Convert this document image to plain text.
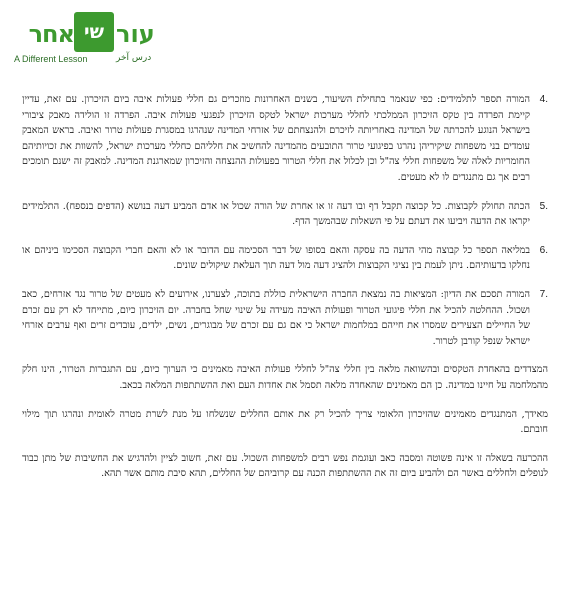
אחר שי עור
A Different Lesson	درس آخر
4.
המורה תספר לתלמידים: כפי שנאמר בתחילת השיעור, בשנים האחרונות מוזכרים גם חללי פעולות איבה ביום הזיכרון. עם זאת, עדיין קיימת הפרדה בין טקס הזיכרון הממלכתי לחללי מערכות ישראל לטקס הזיכרון לנפגעי פעולות איבה. הפרדה זו הולידה מאבק ציבורי בישראל הנוגע להכרתה של המדינה באחריותה לזיכרם ולהנצחתם של אזרחי המדינה שנהרגו במסגרת פעולות טרור ואיבה. בראש המאבק עומדים בני משפחות שיקיריהן נהרגו בפיגועי טרור התובעים מהמדינה להחשיב את חלליהם כחללי מערכות ישראל, להשוות את זכויותיהם החומריות לאלה של משפחות חללי צה"ל וכן לכלול את חללי הטרור בפעולות ההנצחה והזיכרון שמארגנת המדינה. למאבק זה ישנם תומכים רבים אך גם מתנגדים לו לא מעטים.
5.
הכתה תחולק לקבוצות. כל קבוצה תקבל דף ובו דעה זו או אחרת של הורה שכול או אדם המביע דעה בנושא (הדפים בנספח). התלמידים יקראו את הדעה ויביעו את דעתם על פי השאלות שבהמשך הדף.
6.
במליאה תספר כל קבוצה מהי הדעה בה עסקה והאם בסופו של דבר הסכימה עם הדובר או לא והאם חברי הקבוצה הסכימו ביניהם או נחלקו בדעותיהם. ניתן לעמת בין נציגי הקבוצות ולהציג דעה מול דעה תוך העלאת שיקולים שונים.
7.
המורה תסכם את הדיון: המציאות בה נמצאת החברה הישראלית כוללת בתוכה, לצערנו, אירועים לא מעטים של טרור נגד אזרחים, כאב ושכול. ההחלטה להכיל את חללי פיגועי הטרור ופעולות האיבה מעידה על שינוי שחל בחברה. יום הזיכרון כיום, מתייחד לא רק עם זכרם של החיילים הצעירים שמסרו את חייהם במלחמות ישראל כי אם גם עם זכרם של מבוגרים, נשים, ילדים, עובדים זרים ואף ערבים אזרחי ישראל שנפל קורבן לטרור.

המצדדים בהאחדת הטקסים ובהשוואה מלאה בין חללי צה"ל לחללי פעולות האיבה מאמינים כי הערוך כיום, עם התגברות הטרור, הינו חלק מהמלחמה על חיינו במדינה. כן הם מאמינים שהאחדה מלאה תסמל את אחדות העם ואת ההשתתפות המלאה בכאב.

מאידך, המתנגדים מאמינים שהזיכרון הלאומי צריך להכיל רק את אותם החללים שנשלחו על מנת לשרת מטרה לאומית ונהרגו תוך מילוי חובתם.

ההכרעה בשאלה זו אינה פשוטה ומסבה כאב ועוגמת נפש רבים למשפחות השכול. עם זאת, חשוב לציין ולהדגיש את החשיבות של מתן כבוד לנופלים ולחללים באשר הם ולהביע ביום זה את ההשתתפות הכנה עם קרוביהם של החללים, תהא סיבת מותם אשר תהא.
